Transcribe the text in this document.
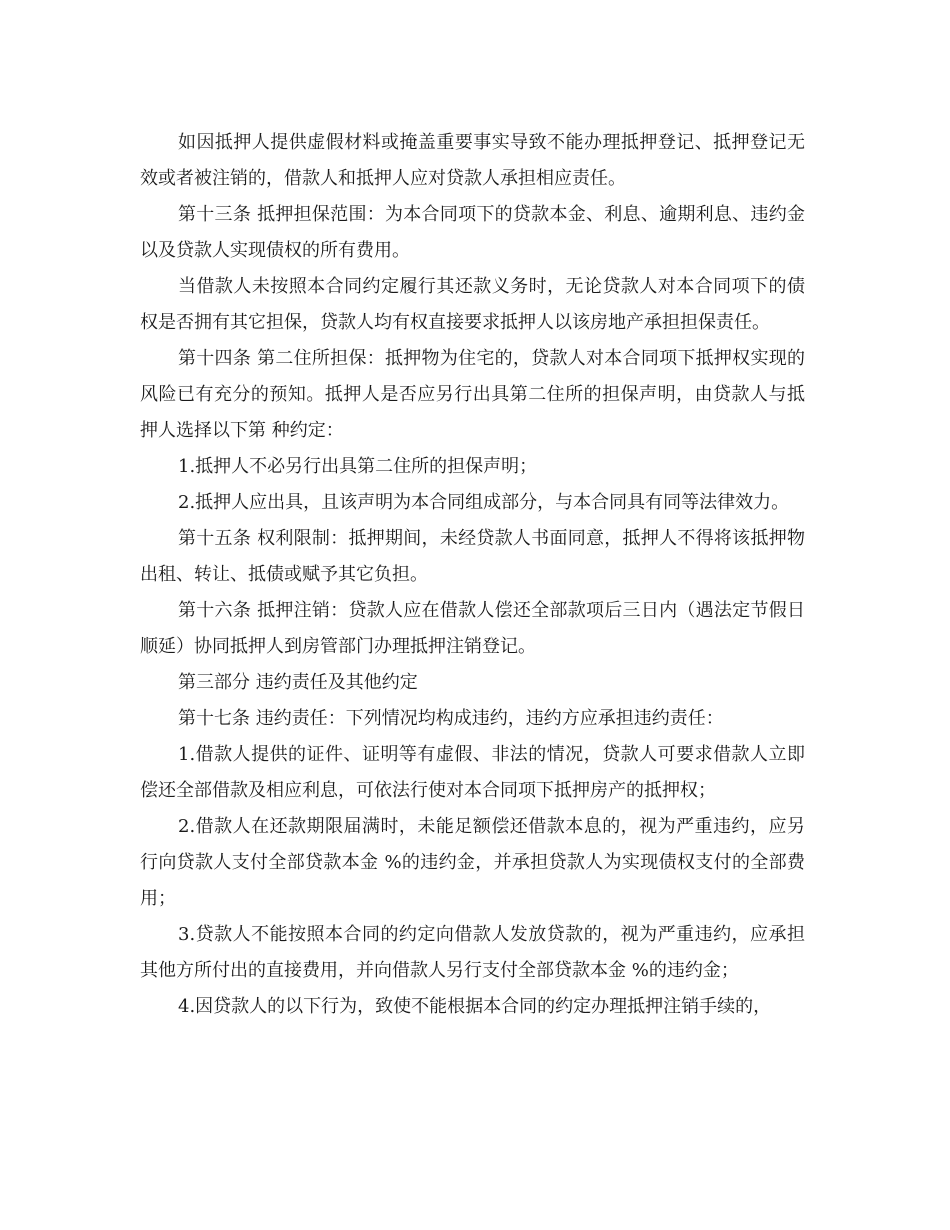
如因抵押人提供虚假材料或掩盖重要事实导致不能办理抵押登记、抵押登记无效或者被注销的，借款人和抵押人应对贷款人承担相应责任。

第十三条 抵押担保范围：为本合同项下的贷款本金、利息、逾期利息、违约金以及贷款人实现债权的所有费用。

当借款人未按照本合同约定履行其还款义务时，无论贷款人对本合同项下的债权是否拥有其它担保，贷款人均有权直接要求抵押人以该房地产承担担保责任。

第十四条 第二住所担保：抵押物为住宅的，贷款人对本合同项下抵押权实现的风险已有充分的预知。抵押人是否应另行出具第二住所的担保声明，由贷款人与抵押人选择以下第 种约定：

1.抵押人不必另行出具第二住所的担保声明；

2.抵押人应出具，且该声明为本合同组成部分，与本合同具有同等法律效力。

第十五条 权利限制：抵押期间，未经贷款人书面同意，抵押人不得将该抵押物出租、转让、抵债或赋予其它负担。

第十六条 抵押注销：贷款人应在借款人偿还全部款项后三日内（遇法定节假日顺延）协同抵押人到房管部门办理抵押注销登记。

第三部分 违约责任及其他约定

第十七条 违约责任：下列情况均构成违约，违约方应承担违约责任：

1.借款人提供的证件、证明等有虚假、非法的情况，贷款人可要求借款人立即偿还全部借款及相应利息，可依法行使对本合同项下抵押房产的抵押权；

2.借款人在还款期限届满时，未能足额偿还借款本息的，视为严重违约，应另行向贷款人支付全部贷款本金 %的违约金，并承担贷款人为实现债权支付的全部费用；

3.贷款人不能按照本合同的约定向借款人发放贷款的，视为严重违约，应承担其他方所付出的直接费用，并向借款人另行支付全部贷款本金 %的违约金；

4.因贷款人的以下行为，致使不能根据本合同的约定办理抵押注销手续的，
